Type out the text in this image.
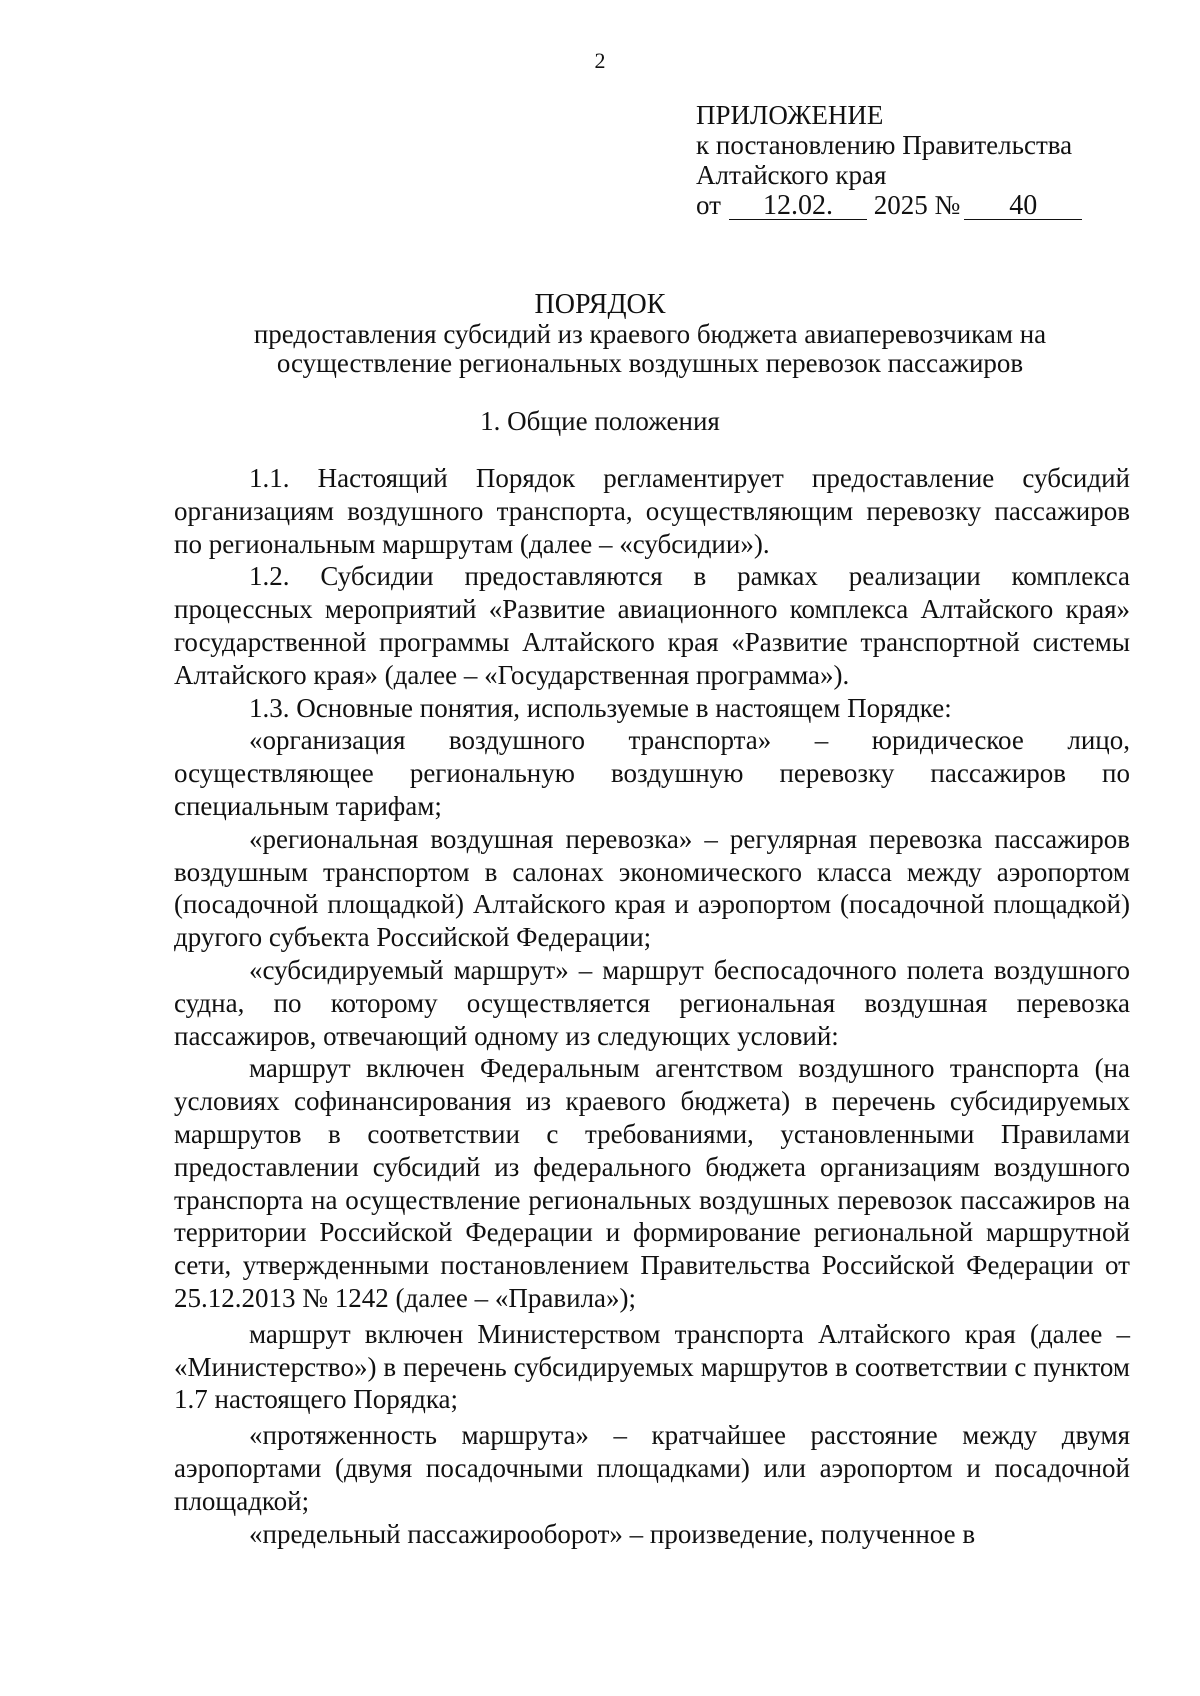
2
ПРИЛОЖЕНИЕ
к постановлению Правительства
Алтайского края
от 12.02. 2025 № 40
ПОРЯДОК
предоставления субсидий из краевого бюджета авиаперевозчикам на осуществление региональных воздушных перевозок пассажиров
1. Общие положения

1.1. Настоящий Порядок регламентирует предоставление субсидий организациям воздушного транспорта, осуществляющим перевозку пассажиров по региональным маршрутам (далее – «субсидии»).

1.2. Субсидии предоставляются в рамках реализации комплекса процессных мероприятий «Развитие авиационного комплекса Алтайского края» государственной программы Алтайского края «Развитие транспортной системы Алтайского края» (далее – «Государственная программа»).

1.3. Основные понятия, используемые в настоящем Порядке:

«организация воздушного транспорта» – юридическое лицо, осуществляющее региональную воздушную перевозку пассажиров по специальным тарифам;

«региональная воздушная перевозка» – регулярная перевозка пассажиров воздушным транспортом в салонах экономического класса между аэропортом (посадочной площадкой) Алтайского края и аэропортом (посадочной площадкой) другого субъекта Российской Федерации;

«субсидируемый маршрут» – маршрут беспосадочного полета воздушного судна, по которому осуществляется региональная воздушная перевозка пассажиров, отвечающий одному из следующих условий:

маршрут включен Федеральным агентством воздушного транспорта (на условиях софинансирования из краевого бюджета) в перечень субсидируемых маршрутов в соответствии с требованиями, установленными Правилами предоставлении субсидий из федерального бюджета организациям воздушного транспорта на осуществление региональных воздушных перевозок пассажиров на территории Российской Федерации и формирование региональной маршрутной сети, утвержденными постановлением Правительства Российской Федерации от 25.12.2013 № 1242 (далее – «Правила»);

маршрут включен Министерством транспорта Алтайского края (далее – «Министерство») в перечень субсидируемых маршрутов в соответствии с пунктом 1.7 настоящего Порядка;

«протяженность маршрута» – кратчайшее расстояние между двумя аэропортами (двумя посадочными площадками) или аэропортом и посадочной площадкой;

«предельный пассажирооборот» – произведение, полученное в
